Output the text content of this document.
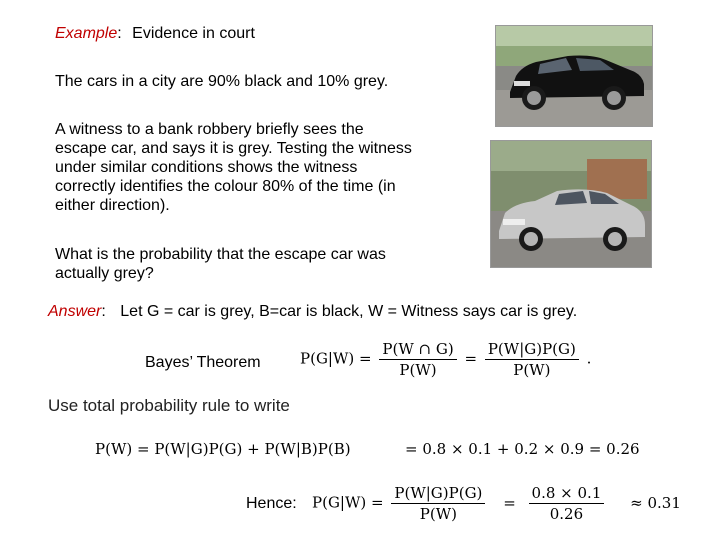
Example: Evidence in court
The cars in a city are 90% black and 10% grey.
A witness to a bank robbery briefly sees the
escape car, and says it is grey. Testing the witness
under similar conditions shows the witness
correctly identifies the colour 80% of the time (in
either direction).
What is the probability that the escape car was
actually grey?
Answer: Let G = car is grey, B=car is black, W = Witness says car is grey.
Bayes’ Theorem	$P(G|W) = \frac{P(W \cap G)}{P(W)} = \frac{P(W|G)P(G)}{P(W)}$ .
Use total probability rule to write
P(W) = P(W|G)P(G) + P(W|B)P(B)	= 0.8 × 0.1 + 0.2 × 0.9 = 0.26
Hence: $P(G|W) = \frac{P(W|G)P(G)}{P(W)} = \frac{0.8 \times 0.1}{0.26} \approx 0.31$
